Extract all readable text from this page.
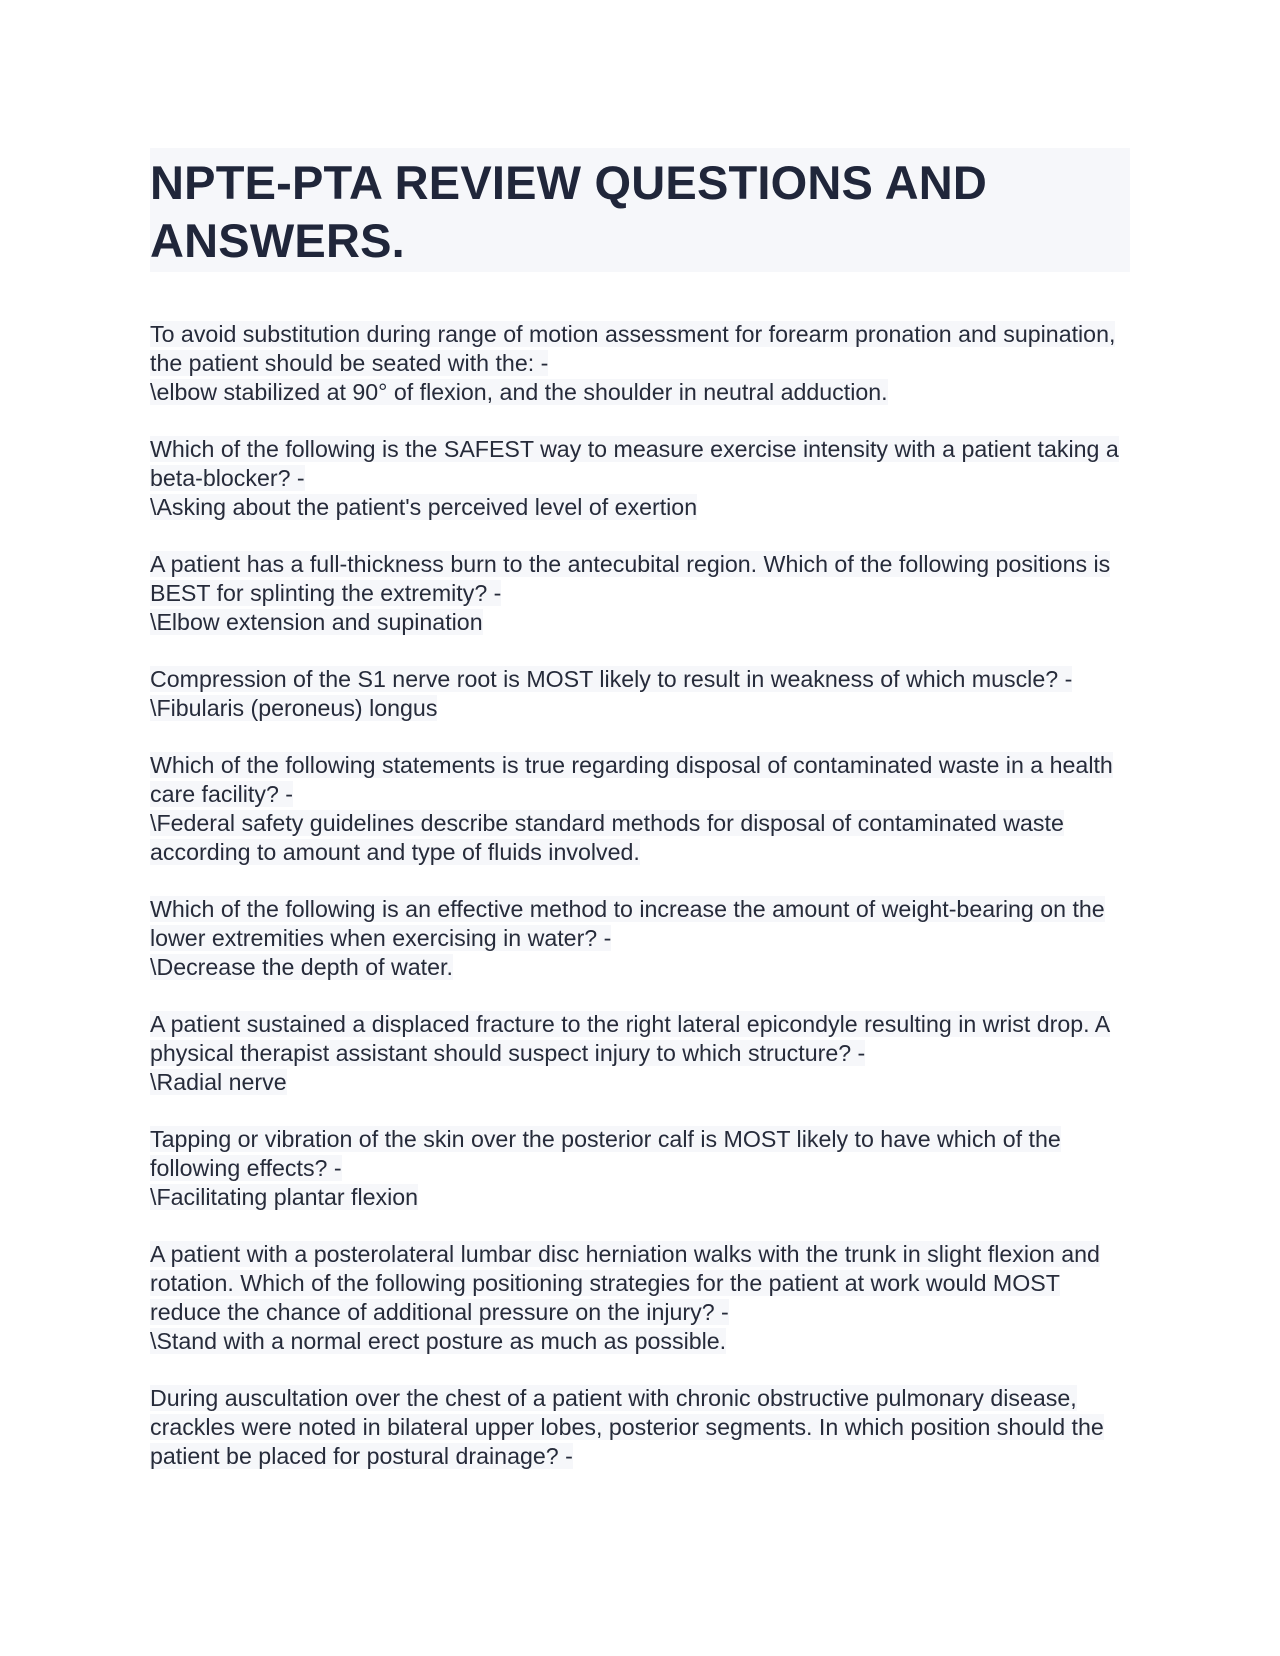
NPTE-PTA REVIEW QUESTIONS AND ANSWERS.
To avoid substitution during range of motion assessment for forearm pronation and supination, the patient should be seated with the: -
\elbow stabilized at 90° of flexion, and the shoulder in neutral adduction.
Which of the following is the SAFEST way to measure exercise intensity with a patient taking a beta-blocker? -
\Asking about the patient's perceived level of exertion
A patient has a full-thickness burn to the antecubital region. Which of the following positions is BEST for splinting the extremity? -
\Elbow extension and supination
Compression of the S1 nerve root is MOST likely to result in weakness of which muscle? -
\Fibularis (peroneus) longus
Which of the following statements is true regarding disposal of contaminated waste in a health care facility? -
\Federal safety guidelines describe standard methods for disposal of contaminated waste according to amount and type of fluids involved.
Which of the following is an effective method to increase the amount of weight-bearing on the lower extremities when exercising in water? -
\Decrease the depth of water.
A patient sustained a displaced fracture to the right lateral epicondyle resulting in wrist drop. A physical therapist assistant should suspect injury to which structure? -
\Radial nerve
Tapping or vibration of the skin over the posterior calf is MOST likely to have which of the following effects? -
\Facilitating plantar flexion
A patient with a posterolateral lumbar disc herniation walks with the trunk in slight flexion and rotation. Which of the following positioning strategies for the patient at work would MOST reduce the chance of additional pressure on the injury? -
\Stand with a normal erect posture as much as possible.
During auscultation over the chest of a patient with chronic obstructive pulmonary disease, crackles were noted in bilateral upper lobes, posterior segments. In which position should the patient be placed for postural drainage? -
